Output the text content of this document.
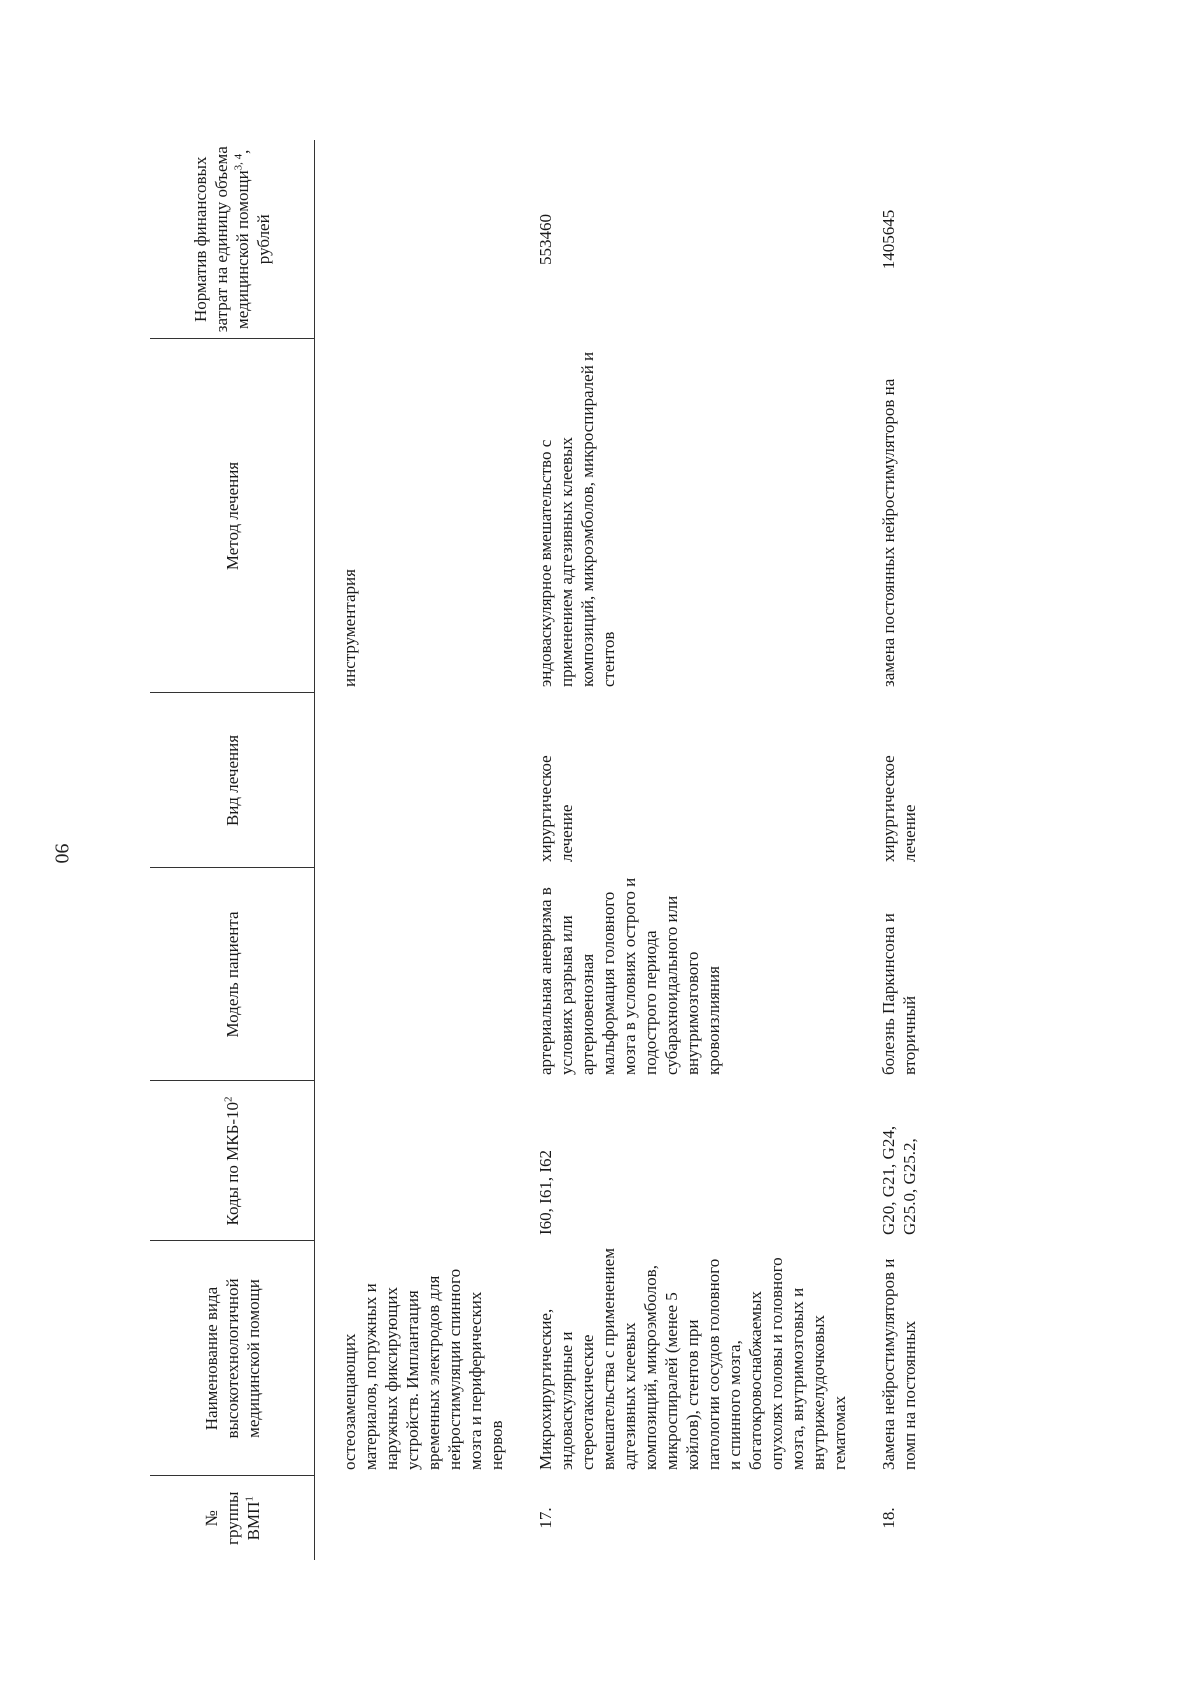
90
№ группы ВМП$^1$	Наименование вида высокотехнологичной медицинской помощи	Коды по МКБ-$10^2$	Модель пациента	Вид лечения	Метод лечения	Норматив финансовых затрат на единицу объема медицинской помощи$^{3, 4}$, рублей
	остеозамещающих материалов, погружных и наружных фиксирующих устройств. Имплантация временных электродов для нейростимуляции спинного мозга и периферических нервов				инструментария	
17.	Микрохирургические, эндоваскулярные и стереотаксические вмешательства с применением адгезивных клеевых композиций, микроэмболов, микроспиралей (менее 5 койлов), стентов при патологии сосудов головного и спинного мозга, богатокровоснабжаемых опухолях головы и головного мозга, внутримозговых и внутрижелудочковых гематомах	I60, I61, I62	артериальная аневризма в условиях разрыва или артериовенозная мальформация головного мозга в условиях острого и подострого периода субарахноидального или внутримозгового кровоизлияния	хирургическое лечение	эндоваскулярное вмешательство с применением адгезивных клеевых композиций, микроэмболов, микроспиралей и стентов	553460
18.	Замена нейростимуляторов и помп на постоянных	G20, G21, G24, G25.0, G25.2,	болезнь Паркинсона и вторичный	хирургическое лечение	замена постоянных нейростимуляторов на	1405645
